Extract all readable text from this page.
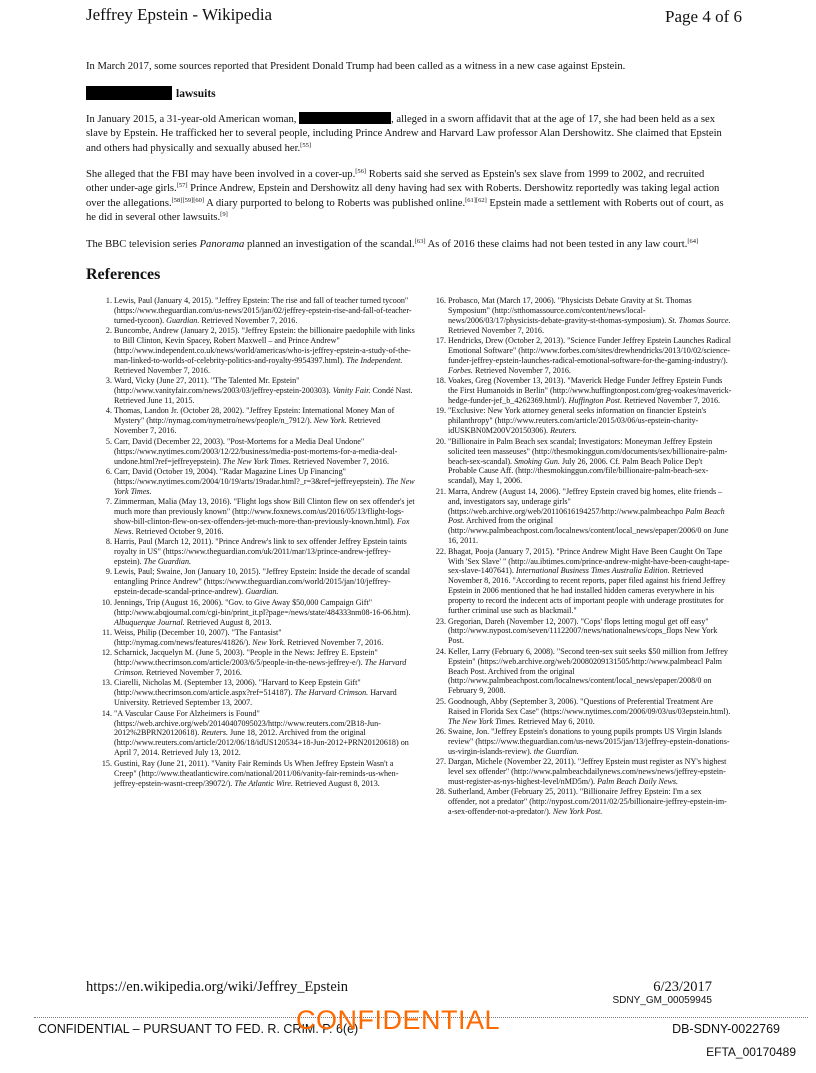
Jeffrey Epstein - Wikipedia	Page 4 of 6

In March 2017, some sources reported that President Donald Trump had been called as a witness in a new case against Epstein.

lawsuits

In January 2015, a 31-year-old American woman,	, alleged in a sworn affidavit that at the age of 17, she had been held as a sex slave by Epstein. He trafficked her to several people, including Prince Andrew and Harvard Law professor Alan Dershowitz. She claimed that Epstein and others had physically and sexually abused her.[55]

She alleged that the FBI may have been involved in a cover-up.[56] Roberts said she served as Epstein's sex slave from 1999 to 2002, and recruited other under-age girls.[57] Prince Andrew, Epstein and Dershowitz all deny having had sex with Roberts. Dershowitz reportedly was taking legal action over the allegations.[58][59][60] A diary purported to belong to Roberts was published online.[61][62] Epstein made a settlement with Roberts out of court, as he did in several other lawsuits.[9]

The BBC television series Panorama planned an investigation of the scandal.[63] As of 2016 these claims had not been tested in any law court.[64]

References
1. Lewis, Paul (January 4, 2015). "Jeffrey Epstein: The rise and fall of teacher turned tycoon" (https://www.theguardian.com/us-news/2015/jan/02/jeffrey-epstein-rise-and-fall-of-teacher-turned-tycoon). Guardian. Retrieved November 7, 2016.
2. Buncombe, Andrew (January 2, 2015). "Jeffrey Epstein: the billionaire paedophile with links to Bill Clinton, Kevin Spacey, Robert Maxwell – and Prince Andrew" (http://www.independent.co.uk/news/world/americas/who-is-jeffrey-epstein-a-study-of-the-man-linked-to-worlds-of-celebrity-politics-and-royalty-9954397.html). The Independent. Retrieved November 7, 2016.
3. Ward, Vicky (June 27, 2011). "The Talented Mr. Epstein" (http://www.vanityfair.com/news/2003/03/jeffrey-epstein-200303). Vanity Fair. Condé Nast. Retrieved June 11, 2015.
4. Thomas, Landon Jr. (October 28, 2002). "Jeffrey Epstein: International Money Man of Mystery" (http://nymag.com/nymetro/news/people/n_7912/). New York. Retrieved November 7, 2016.
5. Carr, David (December 22, 2003). "Post-Mortems for a Media Deal Undone" (https://www.nytimes.com/2003/12/22/business/media-post-mortems-for-a-media-deal-undone.html?ref=jeffreyepstein). The New York Times. Retrieved November 7, 2016.
6. Carr, David (October 19, 2004). "Radar Magazine Lines Up Financing" (https://www.nytimes.com/2004/10/19/arts/19radar.html?_r=3&ref=jeffreyepstein). The New York Times.
7. Zimmerman, Malia (May 13, 2016). "Flight logs show Bill Clinton flew on sex offender's jet much more than previously known" (http://www.foxnews.com/us/2016/05/13/flight-logs-show-bill-clinton-flew-on-sex-offenders-jet-much-more-than-previously-known.html). Fox News. Retrieved October 9, 2016.
8. Harris, Paul (March 12, 2011). "Prince Andrew's link to sex offender Jeffrey Epstein taints royalty in US" (https://www.theguardian.com/uk/2011/mar/13/prince-andrew-jeffrey-epstein). The Guardian.
9. Lewis, Paul; Swaine, Jon (January 10, 2015). "Jeffrey Epstein: Inside the decade of scandal entangling Prince Andrew" (https://www.theguardian.com/world/2015/jan/10/jeffrey-epstein-decade-scandal-prince-andrew). Guardian.
10. Jennings, Trip (August 16, 2006). "Gov. to Give Away $50,000 Campaign Gift" (http://www.abqjournal.com/cgi-bin/print_it.pl?page=/news/state/484333nm08-16-06.htm). Albuquerque Journal. Retrieved August 8, 2013.
11. Weiss, Philip (December 10, 2007). "The Fantasist" (http://nymag.com/news/features/41826/). New York. Retrieved November 7, 2016.
12. Scharnick, Jacquelyn M. (June 5, 2003). "People in the News: Jeffrey E. Epstein" (http://www.thecrimson.com/article/2003/6/5/people-in-the-news-jeffrey-e/). The Harvard Crimson. Retrieved November 7, 2016.
13. Ciarelli, Nicholas M. (September 13, 2006). "Harvard to Keep Epstein Gift" (http://www.thecrimson.com/article.aspx?ref=514187). The Harvard Crimson. Harvard University. Retrieved September 13, 2007.
14. "A Vascular Cause For Alzheimers is Found" (https://web.archive.org/web/20140407095023/http://www.reuters.com/2B18-Jun-2012%2BPRN20120618). Reuters. June 18, 2012. Archived from the original (http://www.reuters.com/article/2012/06/18/idUS120534+18-Jun-2012+PRN20120618) on April 7, 2014. Retrieved July 13, 2012.
15. Gustini, Ray (June 21, 2011). "Vanity Fair Reminds Us When Jeffrey Epstein Wasn't a Creep" (http://www.theatlanticwire.com/national/2011/06/vanity-fair-reminds-us-when-jeffrey-epstein-wasnt-creep/39072/). The Atlantic Wire. Retrieved August 8, 2013.
16. Probasco, Mat (March 17, 2006). "Physicists Debate Gravity at St. Thomas Symposium" (http://stthomassource.com/content/news/local-news/2006/03/17/physicists-debate-gravity-st-thomas-symposium). St. Thomas Source. Retrieved November 7, 2016.
17. Hendricks, Drew (October 2, 2013). "Science Funder Jeffrey Epstein Launches Radical Emotional Software" (http://www.forbes.com/sites/drewhendricks/2013/10/02/science-funder-jeffrey-epstein-launches-radical-emotional-software-for-the-gaming-industry/). Forbes. Retrieved November 7, 2016.
18. Voakes, Greg (November 13, 2013). "Maverick Hedge Funder Jeffrey Epstein Funds the First Humanoids in Berlin" (http://www.huffingtonpost.com/greg-voakes/maverick-hedge-funder-jef_b_4262369.html/). Huffington Post. Retrieved November 7, 2016.
19. "Exclusive: New York attorney general seeks information on financier Epstein's philanthropy" (http://www.reuters.com/article/2015/03/06/us-epstein-charity-idUSKBN0M200V20150306). Reuters.
20. "Billionaire in Palm Beach sex scandal; Investigators: Moneyman Jeffrey Epstein solicited teen masseuses" (http://thesmokinggun.com/documents/sex/billionaire-palm-beach-sex-scandal). Smoking Gun. July 26, 2006. Cf. Palm Beach Police Dep't Probable Cause Aff. (http://thesmokinggun.com/file/billionaire-palm-beach-sex-scandal), May 1, 2006.
21. Marra, Andrew (August 14, 2006). "Jeffrey Epstein craved big homes, elite friends – and, investigators say, underage girls" (https://web.archive.org/web/20110616194257/http://www.palmbeachpo Palm Beach Post. Archived from the original (http://www.palmbeachpost.com/localnews/content/local_news/epaper/2006/0 on June 16, 2011.
22. Bhagat, Pooja (January 7, 2015). "Prince Andrew Might Have Been Caught On Tape With 'Sex Slave' " (http://au.ibtimes.com/prince-andrew-might-have-been-caught-tape-sex-slave-1407641). International Business Times Australia Edition. Retrieved November 8, 2016. "According to recent reports, paper filed against his friend Jeffrey Epstein in 2006 mentioned that he had installed hidden cameras everywhere in his property to record the indecent acts of important people with underage prostitutes for further criminal use such as blackmail."
23. Gregorian, Dareh (November 12, 2007). "Cops' flops letting mogul get off easy" (http://www.nypost.com/seven/11122007/news/nationalnews/cops_flops New York Post.
24. Keller, Larry (February 6, 2008). "Second teen-sex suit seeks $50 million from Jeffrey Epstein" (https://web.archive.org/web/20080209131505/http://www.palmbeacl Palm Beach Post. Archived from the original (http://www.palmbeachpost.com/localnews/content/local_news/epaper/2008/0 on February 9, 2008.
25. Goodnough, Abby (September 3, 2006). "Questions of Preferential Treatment Are Raised in Florida Sex Case" (https://www.nytimes.com/2006/09/03/us/03epstein.html). The New York Times. Retrieved May 6, 2010.
26. Swaine, Jon. "Jeffrey Epstein's donations to young pupils prompts US Virgin Islands review" (https://www.theguardian.com/us-news/2015/jan/13/jeffrey-epstein-donations-us-virgin-islands-review). the Guardian.
27. Dargan, Michele (November 22, 2011). "Jeffrey Epstein must register as NY's highest level sex offender" (http://www.palmbeachdailynews.com/news/news/jeffrey-epstein-must-register-as-nys-highest-level/nMD5m/). Palm Beach Daily News.
28. Sutherland, Amber (February 25, 2011). "Billionaire Jeffrey Epstein: I'm a sex offender, not a predator" (http://nypost.com/2011/02/25/billionaire-jeffrey-epstein-im-a-sex-offender-not-a-predator/). New York Post.
https://en.wikipedia.org/wiki/Jeffrey_Epstein	6/23/2017
SDNY_GM_00059945
CONFIDENTIAL – PURSUANT TO FED. R. CRIM. P. 6(e)
CONFIDENTIAL	DB-SDNY-0022769
EFTA_00170489
